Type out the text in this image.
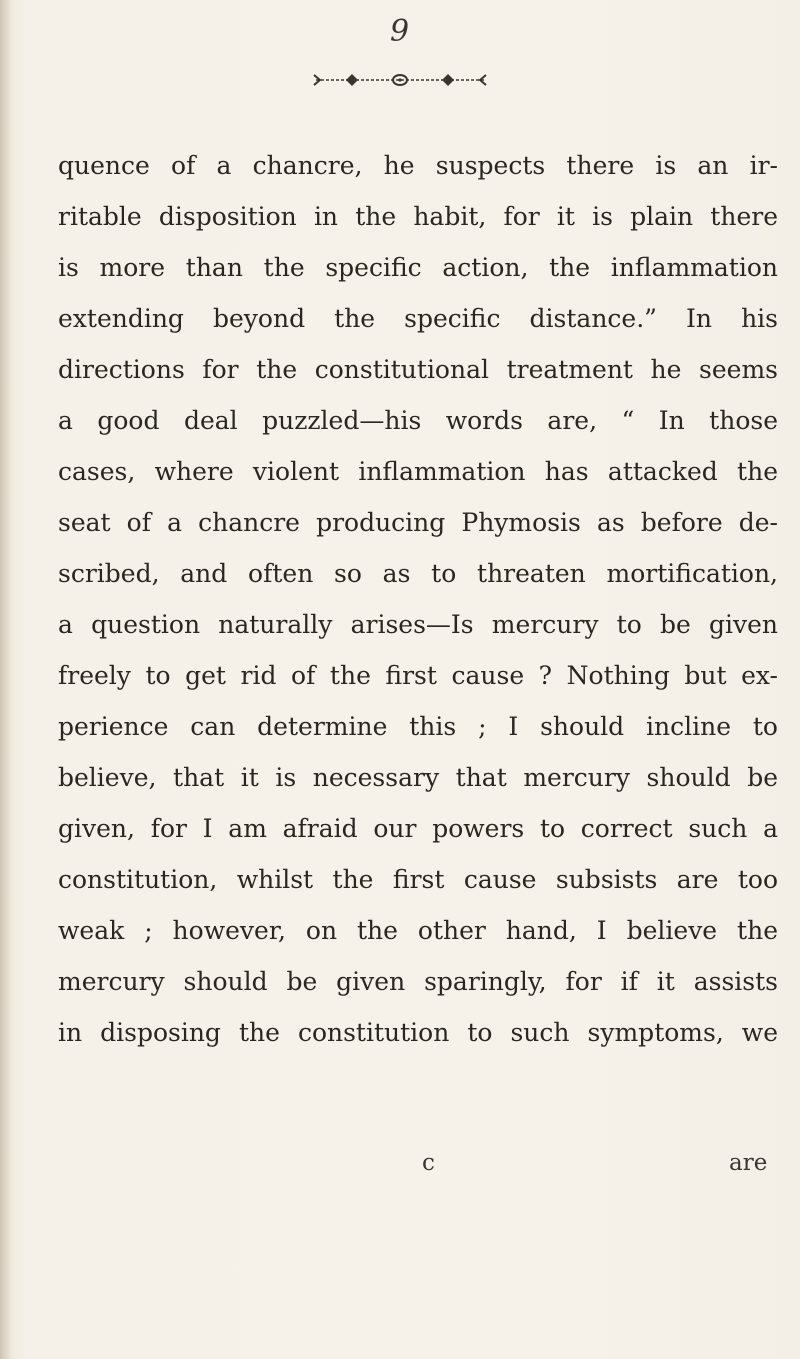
9
quence of a chancre, he suspects there is an ir-
ritable disposition in the habit, for it is plain there
is more than the specific action, the inflammation
extending beyond the specific distance.” In his
directions for the constitutional treatment he seems
a good deal puzzled—his words are, “ In those
cases, where violent inflammation has attacked the
seat of a chancre producing Phymosis as before de-
scribed, and often so as to threaten mortification,
a question naturally arises—Is mercury to be given
freely to get rid of the first cause ? Nothing but ex-
perience can determine this ; I should incline to
believe, that it is necessary that mercury should be
given, for I am afraid our powers to correct such a
constitution, whilst the first cause subsists are too
weak ; however, on the other hand, I believe the
mercury should be given sparingly, for if it assists
in disposing the constitution to such symptoms, we
c	are
